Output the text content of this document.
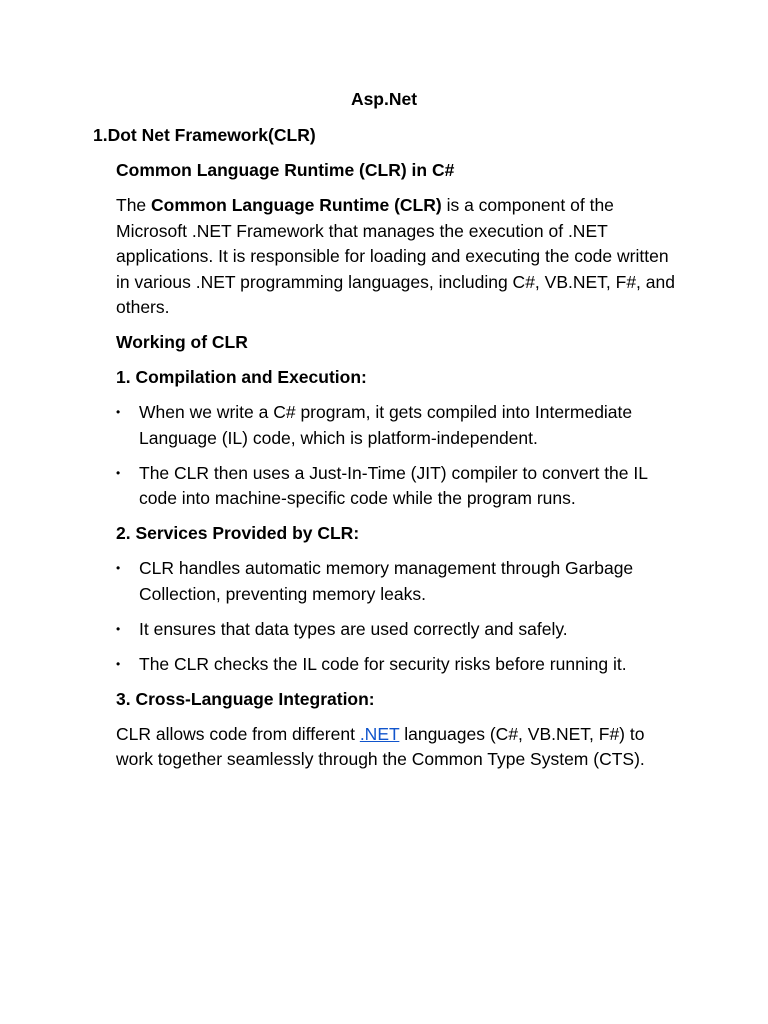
Asp.Net
1.Dot Net Framework(CLR)
Common Language Runtime (CLR) in C#
The Common Language Runtime (CLR) is a component of the Microsoft .NET Framework that manages the execution of .NET applications. It is responsible for loading and executing the code written in various .NET programming languages, including C#, VB.NET, F#, and others.
Working of CLR
1. Compilation and Execution:
• When we write a C# program, it gets compiled into Intermediate Language (IL) code, which is platform-independent.
• The CLR then uses a Just-In-Time (JIT) compiler to convert the IL code into machine-specific code while the program runs.
2. Services Provided by CLR:
• CLR handles automatic memory management through Garbage Collection, preventing memory leaks.
• It ensures that data types are used correctly and safely.
• The CLR checks the IL code for security risks before running it.
3. Cross-Language Integration:
CLR allows code from different .NET languages (C#, VB.NET, F#) to work together seamlessly through the Common Type System (CTS).
